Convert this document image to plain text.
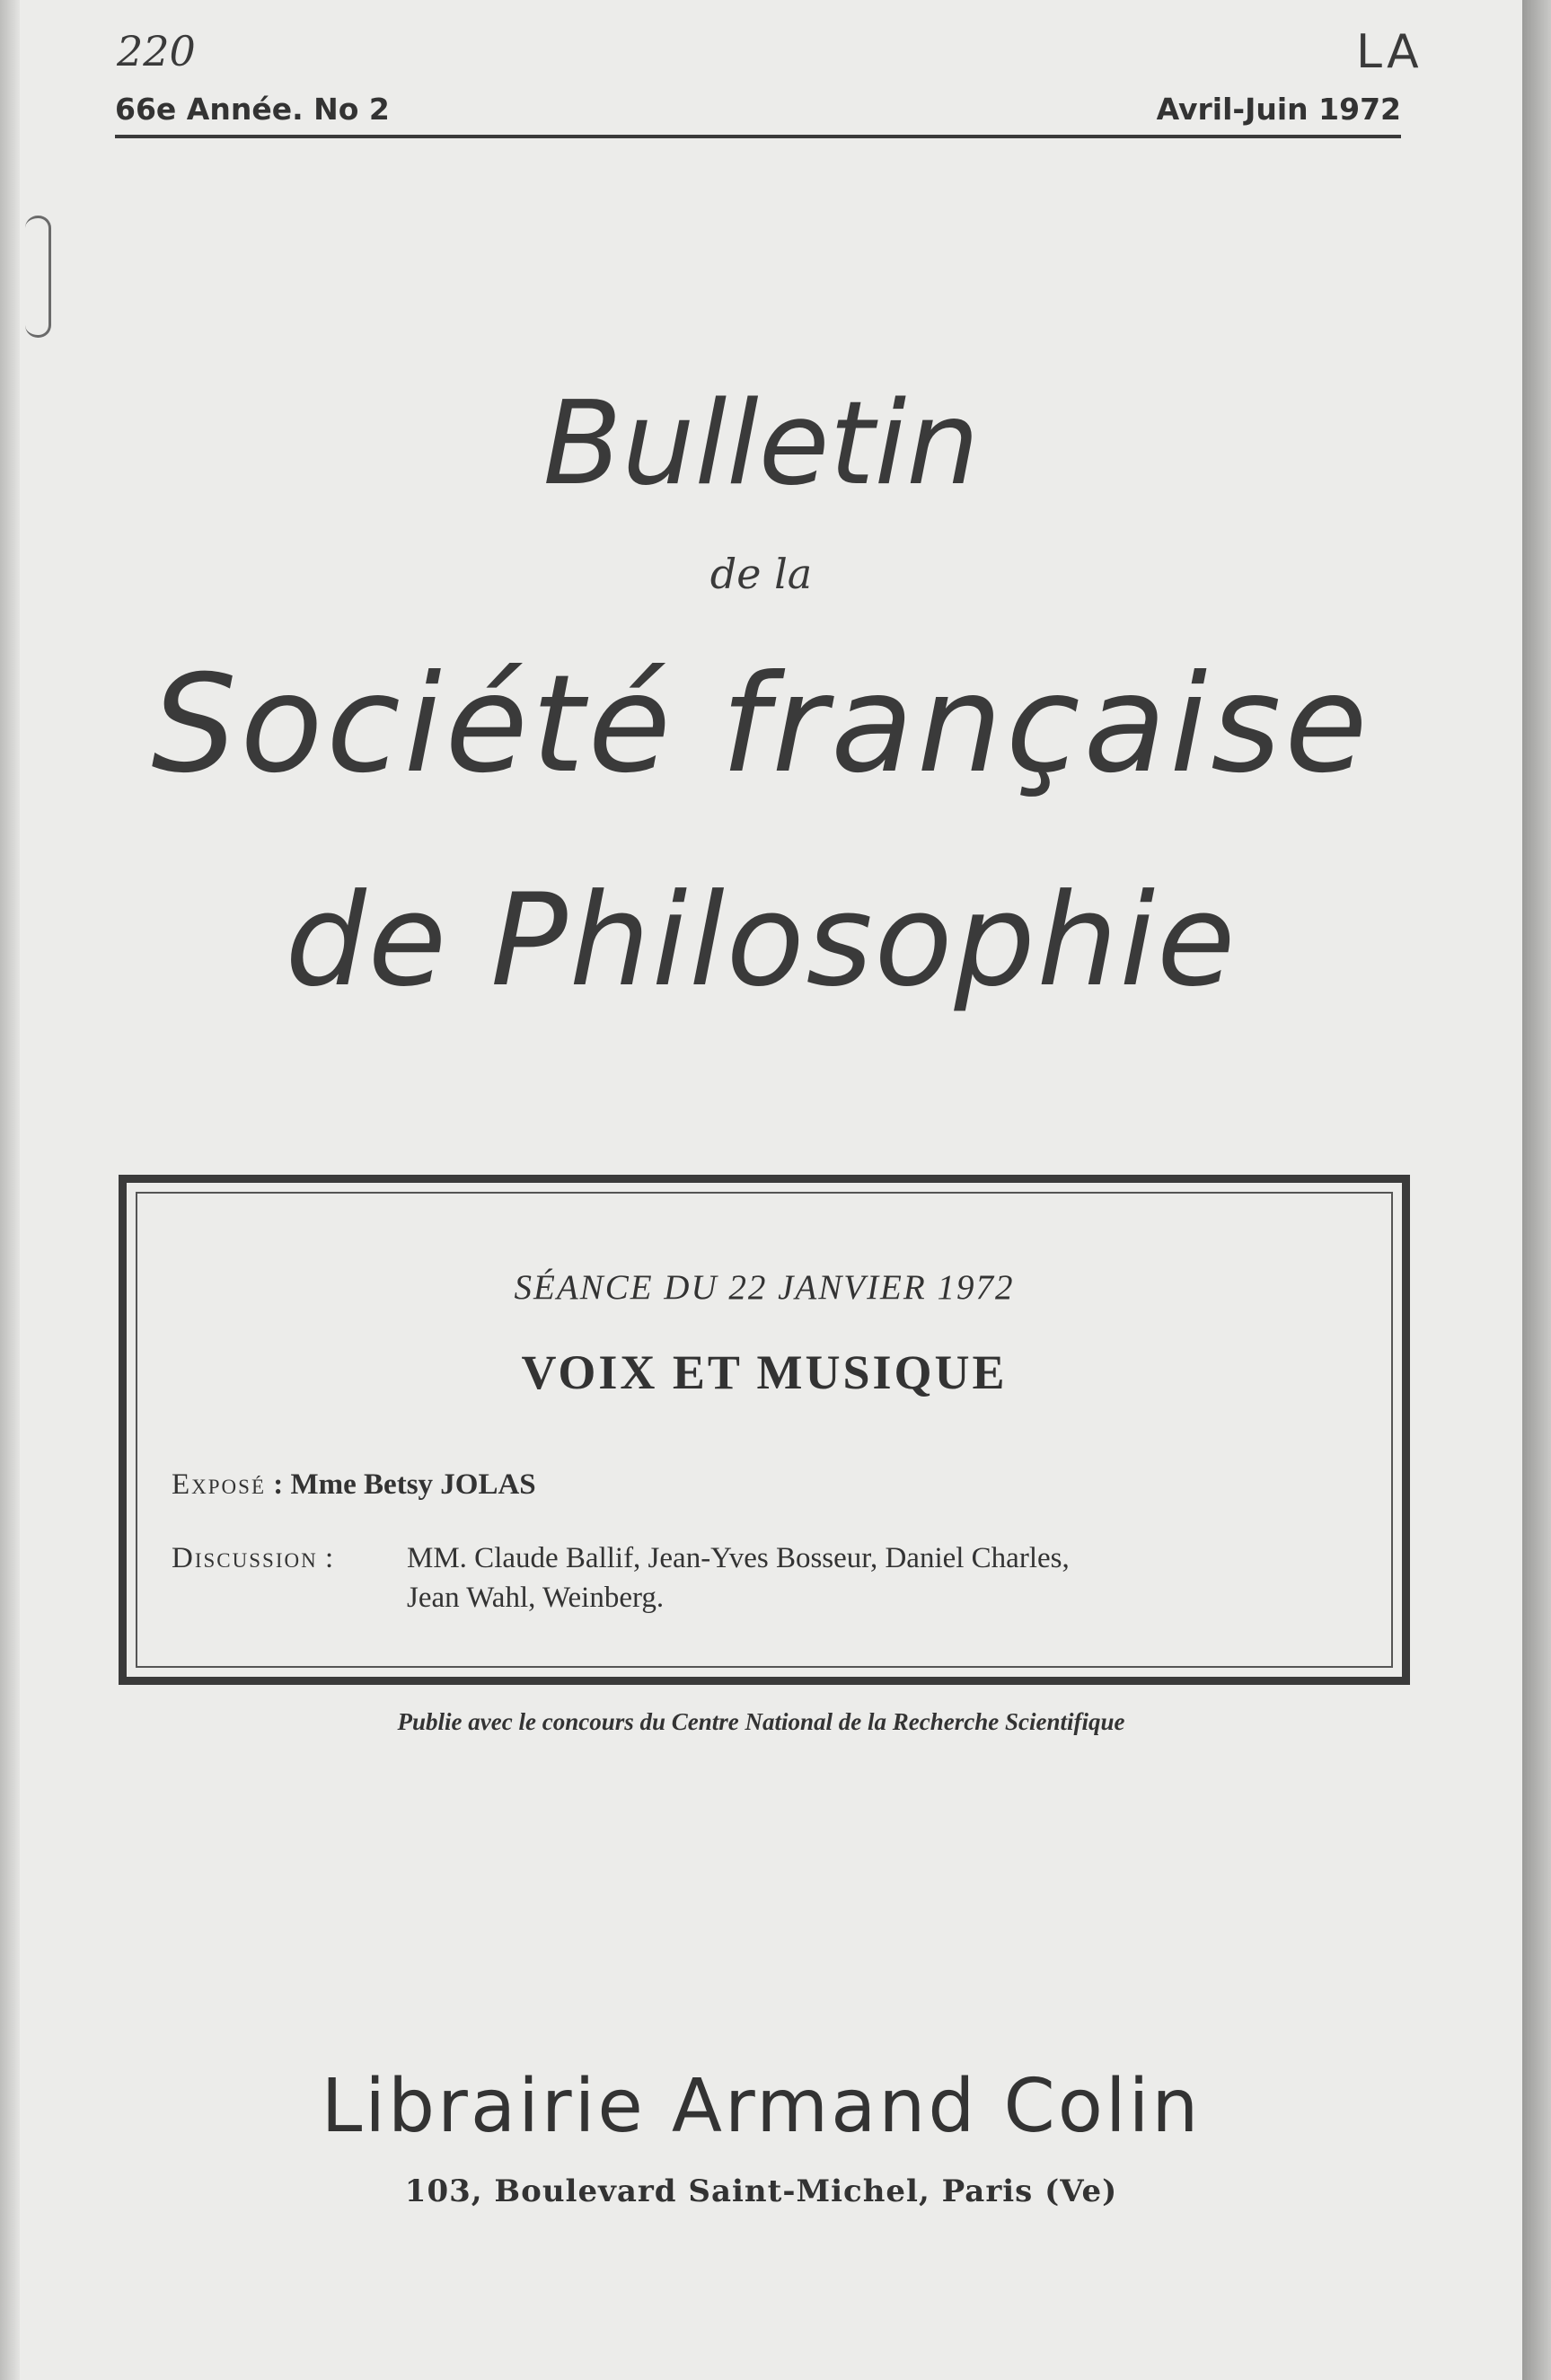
220	LA
66e Année. No 2	Avril-Juin 1972
Bulletin
de la
Société française
de Philosophie
SÉANCE DU 22 JANVIER 1972
VOIX ET MUSIQUE
Exposé : Mme Betsy JOLAS
Discussion : MM. Claude Ballif, Jean-Yves Bosseur, Daniel Charles,
Jean Wahl, Weinberg.
Publie avec le concours du Centre National de la Recherche Scientifique
Librairie Armand Colin
103, Boulevard Saint-Michel, Paris (Ve)
